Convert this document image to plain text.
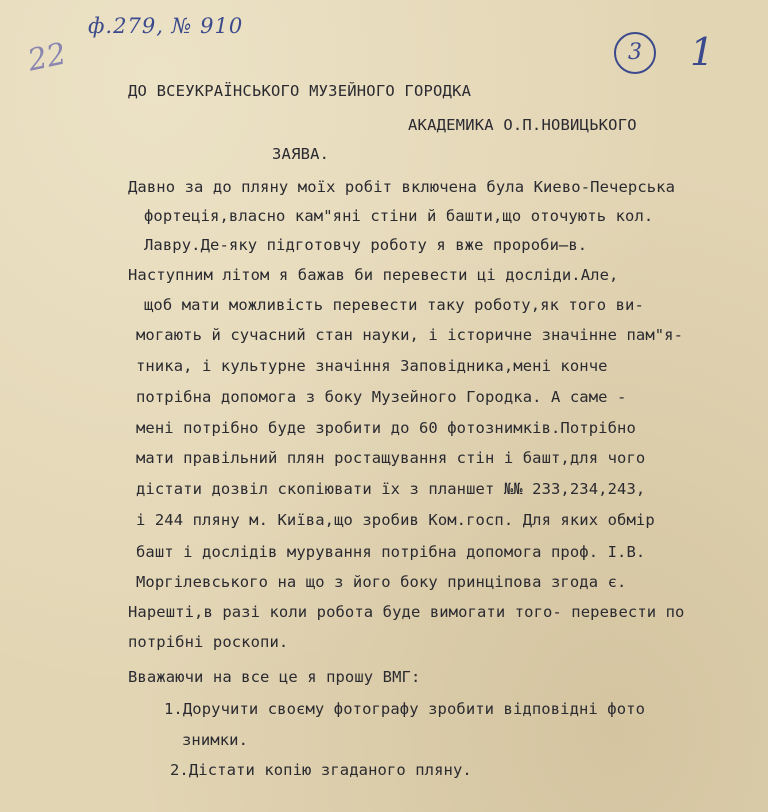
ф.279, № 910
22	3	1
ДО ВСЕУКРАЇНСЬКОГО МУЗЕЙНОГО ГОРОДКА
АКАДЕМИКА О.П.НОВИЦЬКОГО
ЗАЯВА.
Давно за до пляну моїх робіт включена була Киево-Печерська
фортеція,власно кам"яні стіни й башти,що оточують кол.
Лавру.Де-яку підготовчу роботу я вже пророби̶в.
Наступним літом я бажав би перевести ці досліди.Але,
щоб мати можливість перевести таку роботу,як того ви-
могають й сучасний стан науки, і історичне значінне пам"я-
тника, і культурне значіння Заповідника,мені конче
потрібна допомога з боку Музейного Городка. А саме -
мені потрібно буде зробити до 60 фотознимків.Потрібно
мати правільний плян ростащування стін і башт,для чого
дістати дозвіл скопіювати їх з планшет №№ 233,234,243,
і 244 пляну м. Київа,що зробив Ком.госп. Для яких обмір
башт і дослідів мурування потрібна допомога проф. І.В.
Моргілевського на що з його боку принціпова згода є.
Нарешті,в разі коли робота буде вимогати того- перевести по
потрібні роскопи.
Вважаючи на все це я прошу ВМГ:
1.Доручити своєму фотографу зробити відповідні фото
знимки.
2.Дістати копію згаданого пляну.
